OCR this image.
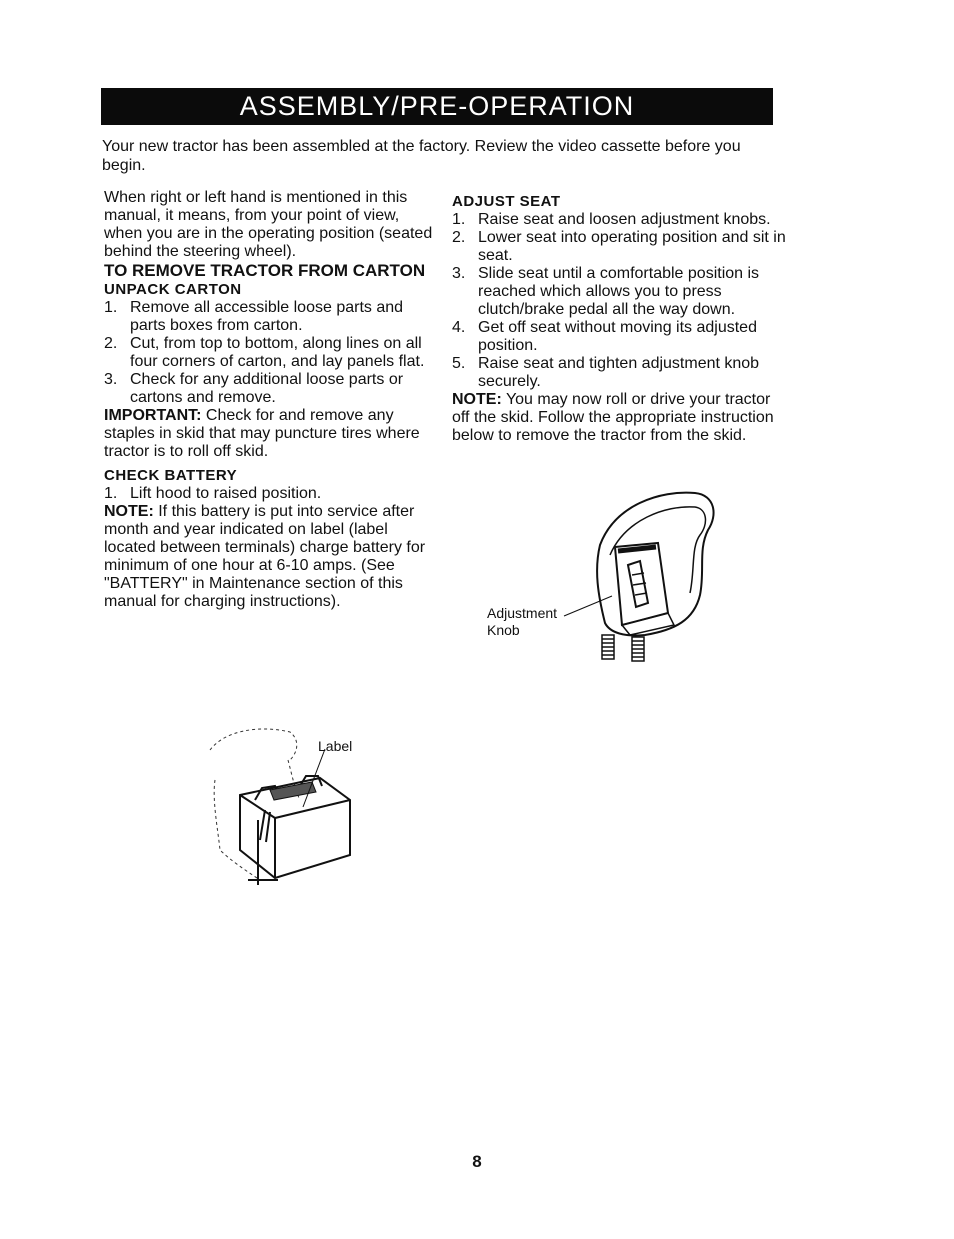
ASSEMBLY/PRE-OPERATION
Your new tractor has been assembled at the factory. Review the video cassette before you begin.

When right or left hand is mentioned in this manual, it means, from your point of view, when you are in the operating position (seated behind the steering wheel).

TO REMOVE TRACTOR FROM CARTON

UNPACK CARTON

1. Remove all accessible loose parts and parts boxes from carton.
2. Cut, from top to bottom, along lines on all four corners of carton, and lay panels flat.
3. Check for any additional loose parts or cartons and remove.

IMPORTANT: Check for and remove any staples in skid that may puncture tires where tractor is to roll off skid.

CHECK BATTERY

1. Lift hood to raised position.

NOTE: If this battery is put into service after month and year indicated on label (label located between terminals) charge battery for minimum of one hour at 6-10 amps. (See "BATTERY" in Maintenance section of this manual for charging instructions).

ADJUST SEAT

1. Raise seat and loosen adjustment knobs.
2. Lower seat into operating position and sit in seat.
3. Slide seat until a comfortable position is reached which allows you to press clutch/brake pedal all the way down.
4. Get off seat without moving its adjusted position.
5. Raise seat and tighten adjustment knob securely.

NOTE: You may now roll or drive your tractor off the skid. Follow the appropriate instruction below to remove the tractor from the skid.

Adjustment
Knob
Label
8
